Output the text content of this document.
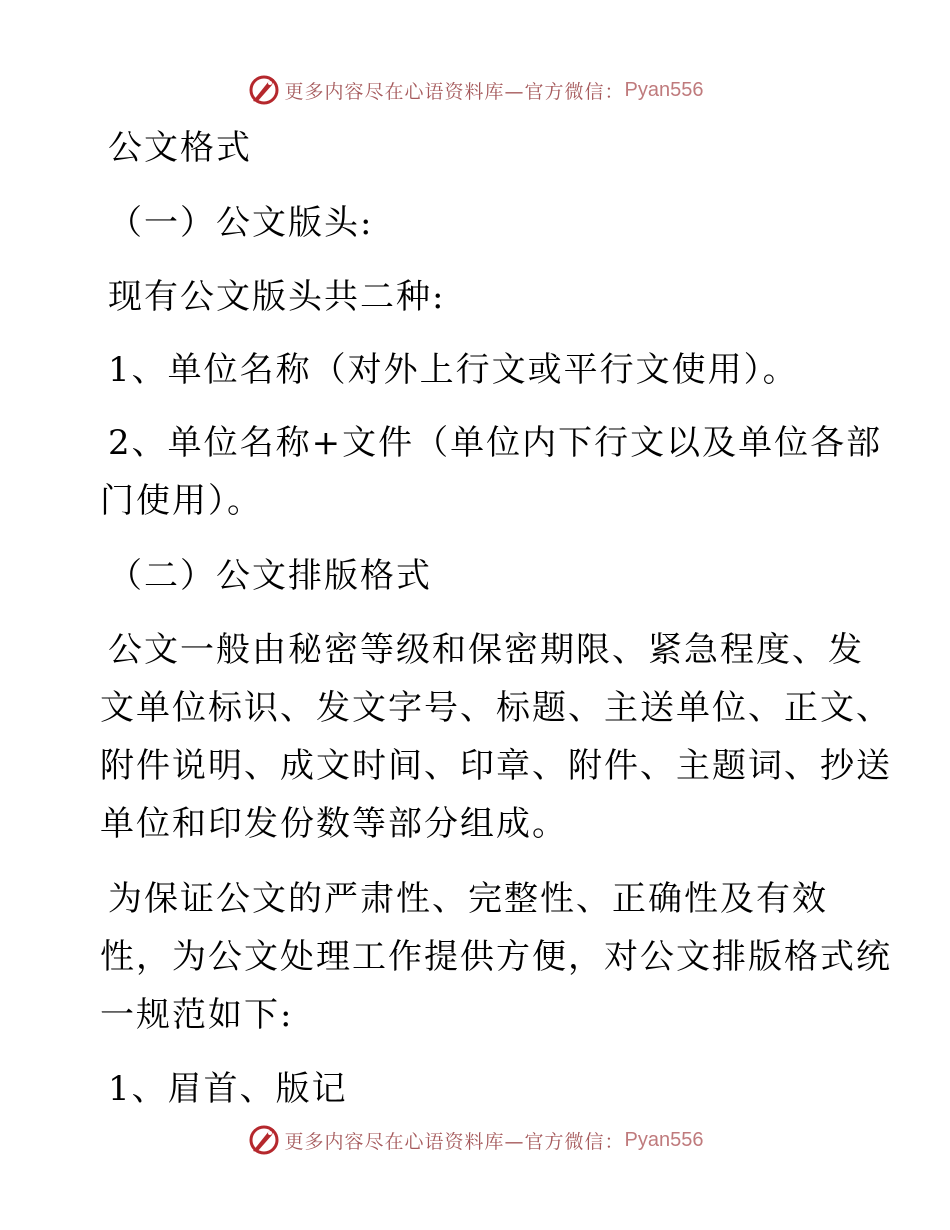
更多内容尽在心语资料库—官方微信： Pyan556
公文格式
（一）公文版头:
现有公文版头共二种:
1、单位名称（对外上行文或平行文使用）。
2、单位名称+文件（单位内下行文以及单位各部
门使用）。
（二）公文排版格式
公文一般由秘密等级和保密期限、紧急程度、发
文单位标识、发文字号、标题、主送单位、正文、
附件说明、成文时间、印章、附件、主题词、抄送
单位和印发份数等部分组成。
为保证公文的严肃性、完整性、正确性及有效
性，为公文处理工作提供方便，对公文排版格式统
一规范如下:
1、眉首、版记
更多内容尽在心语资料库—官方微信： Pyan556
